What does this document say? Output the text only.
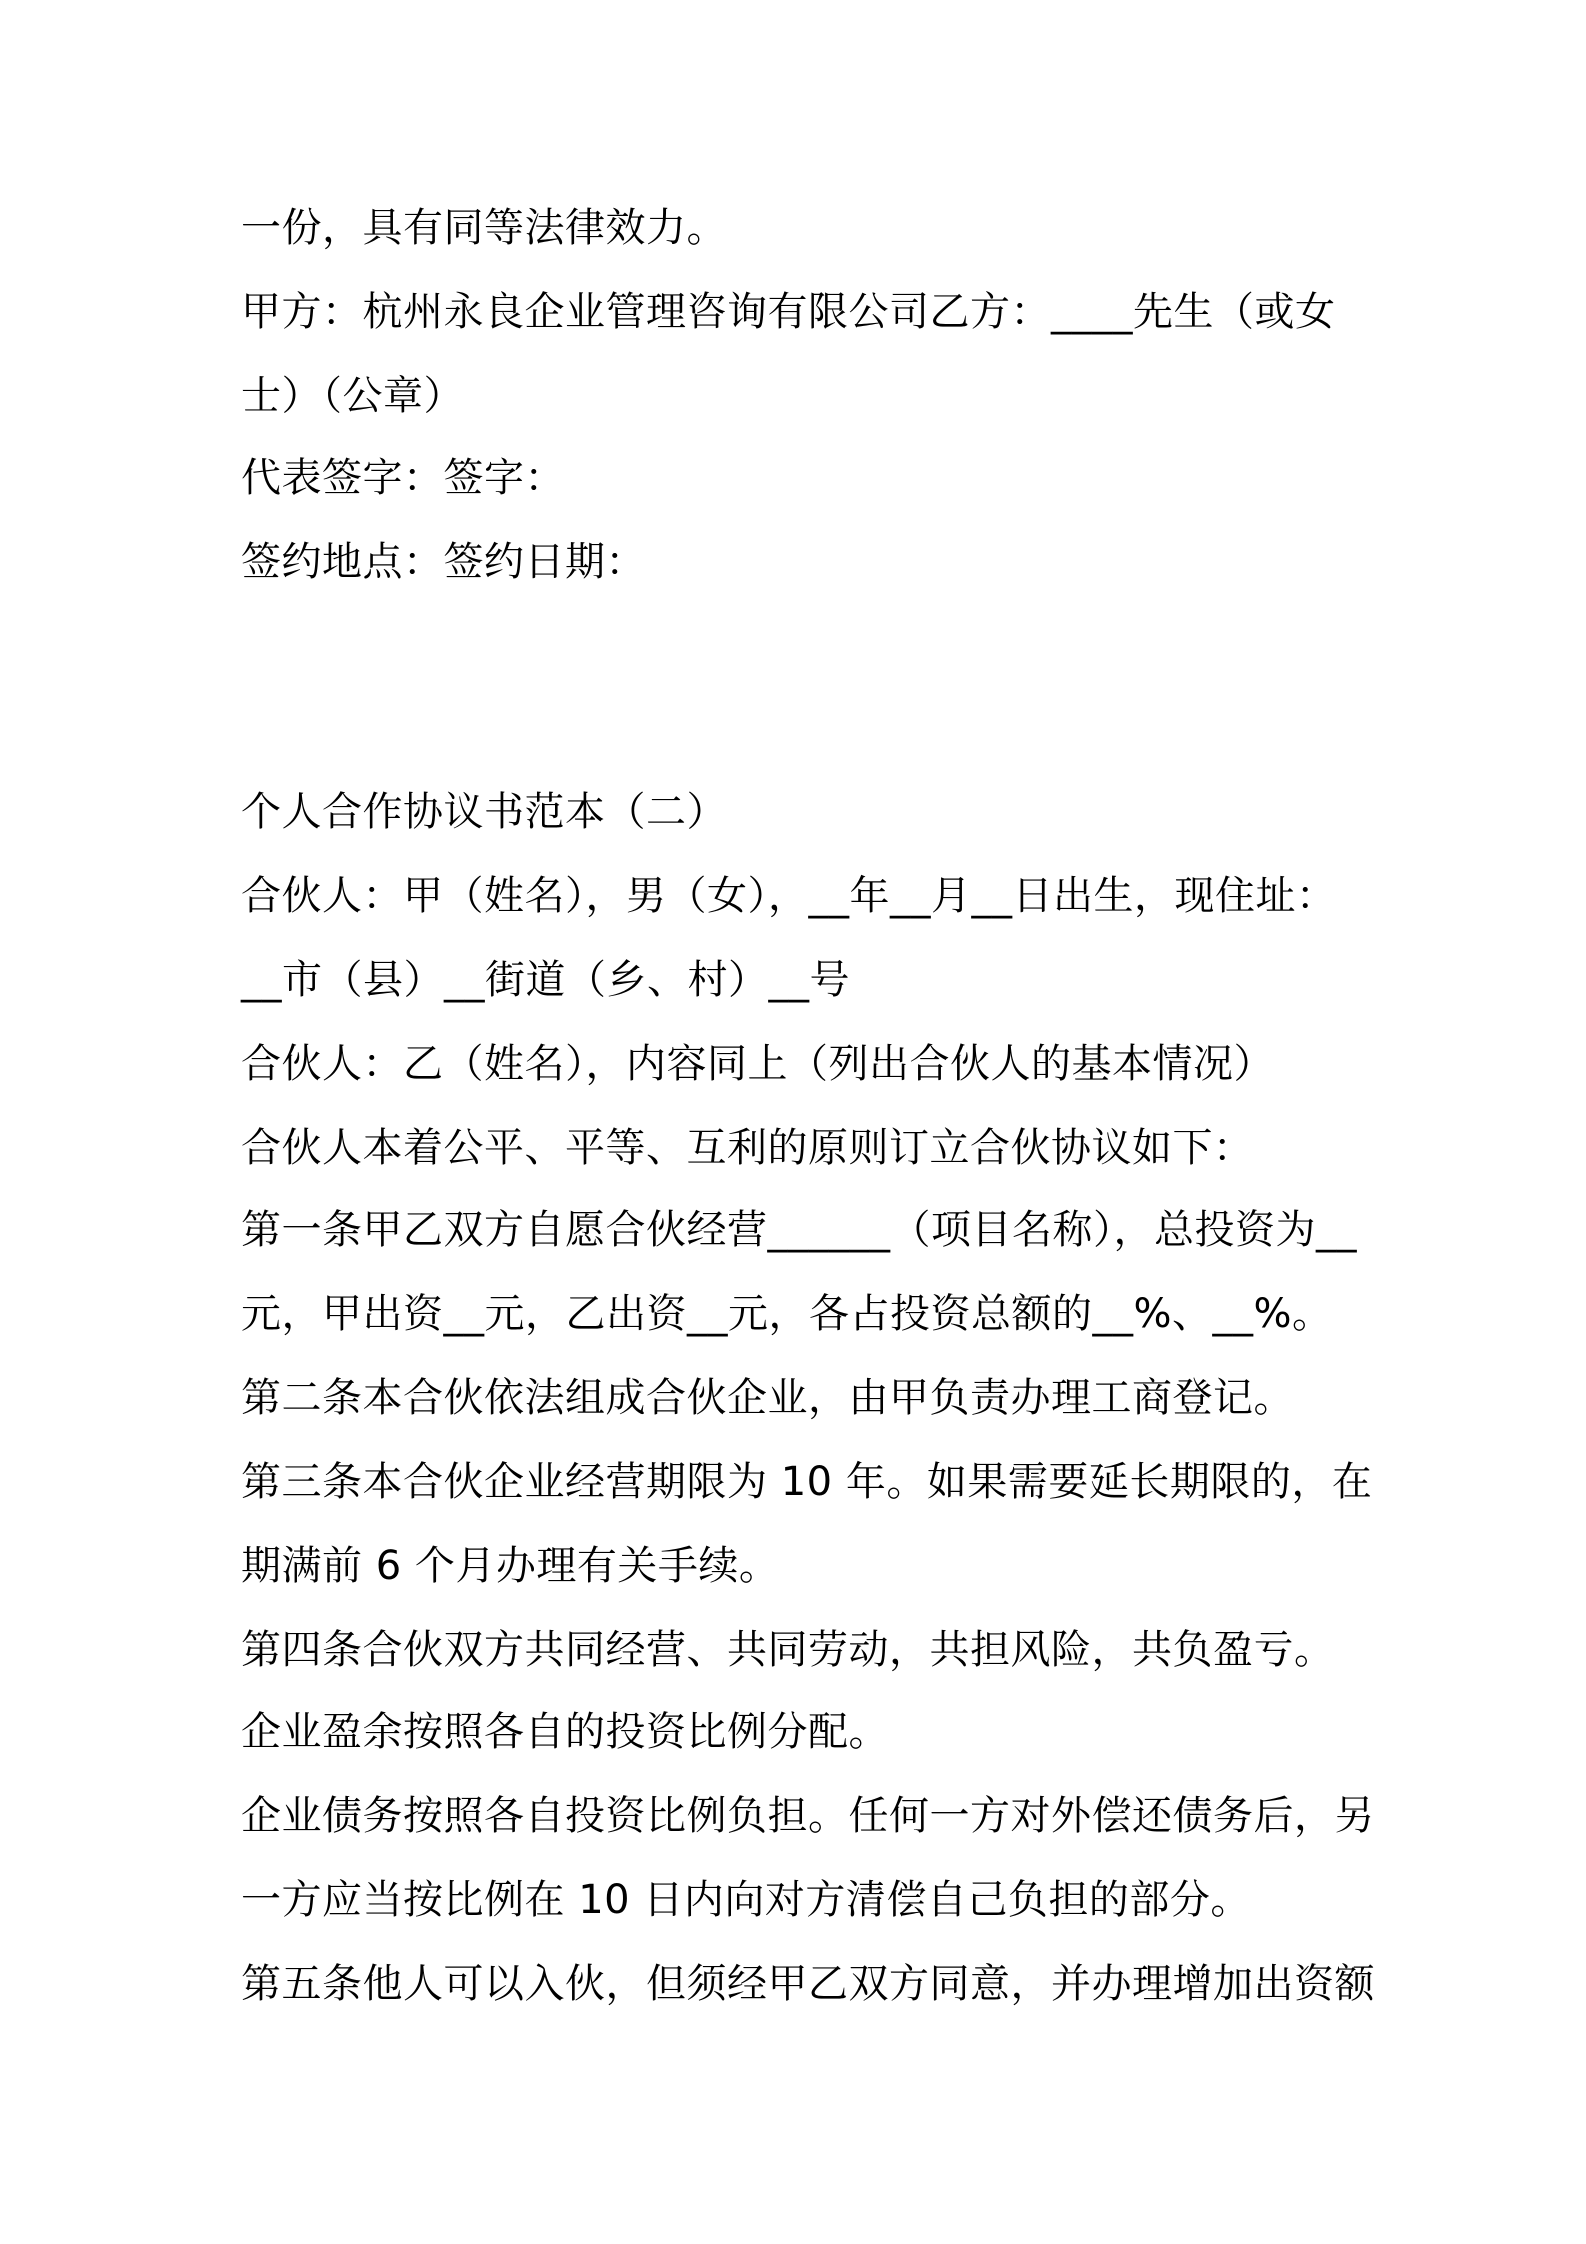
一份，具有同等法律效力。
甲方：杭州永良企业管理咨询有限公司乙方：____先生（或女
士）（公章）
代表签字：签字：
签约地点：签约日期：
个人合作协议书范本（二）
合伙人：甲（姓名），男（女），__年__月__日出生，现住址：
__市（县）__街道（乡、村）__号
合伙人：乙（姓名），内容同上（列出合伙人的基本情况）
合伙人本着公平、平等、互利的原则订立合伙协议如下：
第一条甲乙双方自愿合伙经营______（项目名称），总投资为__
元，甲出资__元，乙出资__元，各占投资总额的__%、__%。
第二条本合伙依法组成合伙企业，由甲负责办理工商登记。
第三条本合伙企业经营期限为 10 年。如果需要延长期限的，在
期满前 6 个月办理有关手续。
第四条合伙双方共同经营、共同劳动，共担风险，共负盈亏。
企业盈余按照各自的投资比例分配。
企业债务按照各自投资比例负担。任何一方对外偿还债务后，另
一方应当按比例在 10 日内向对方清偿自己负担的部分。
第五条他人可以入伙，但须经甲乙双方同意，并办理增加出资额
